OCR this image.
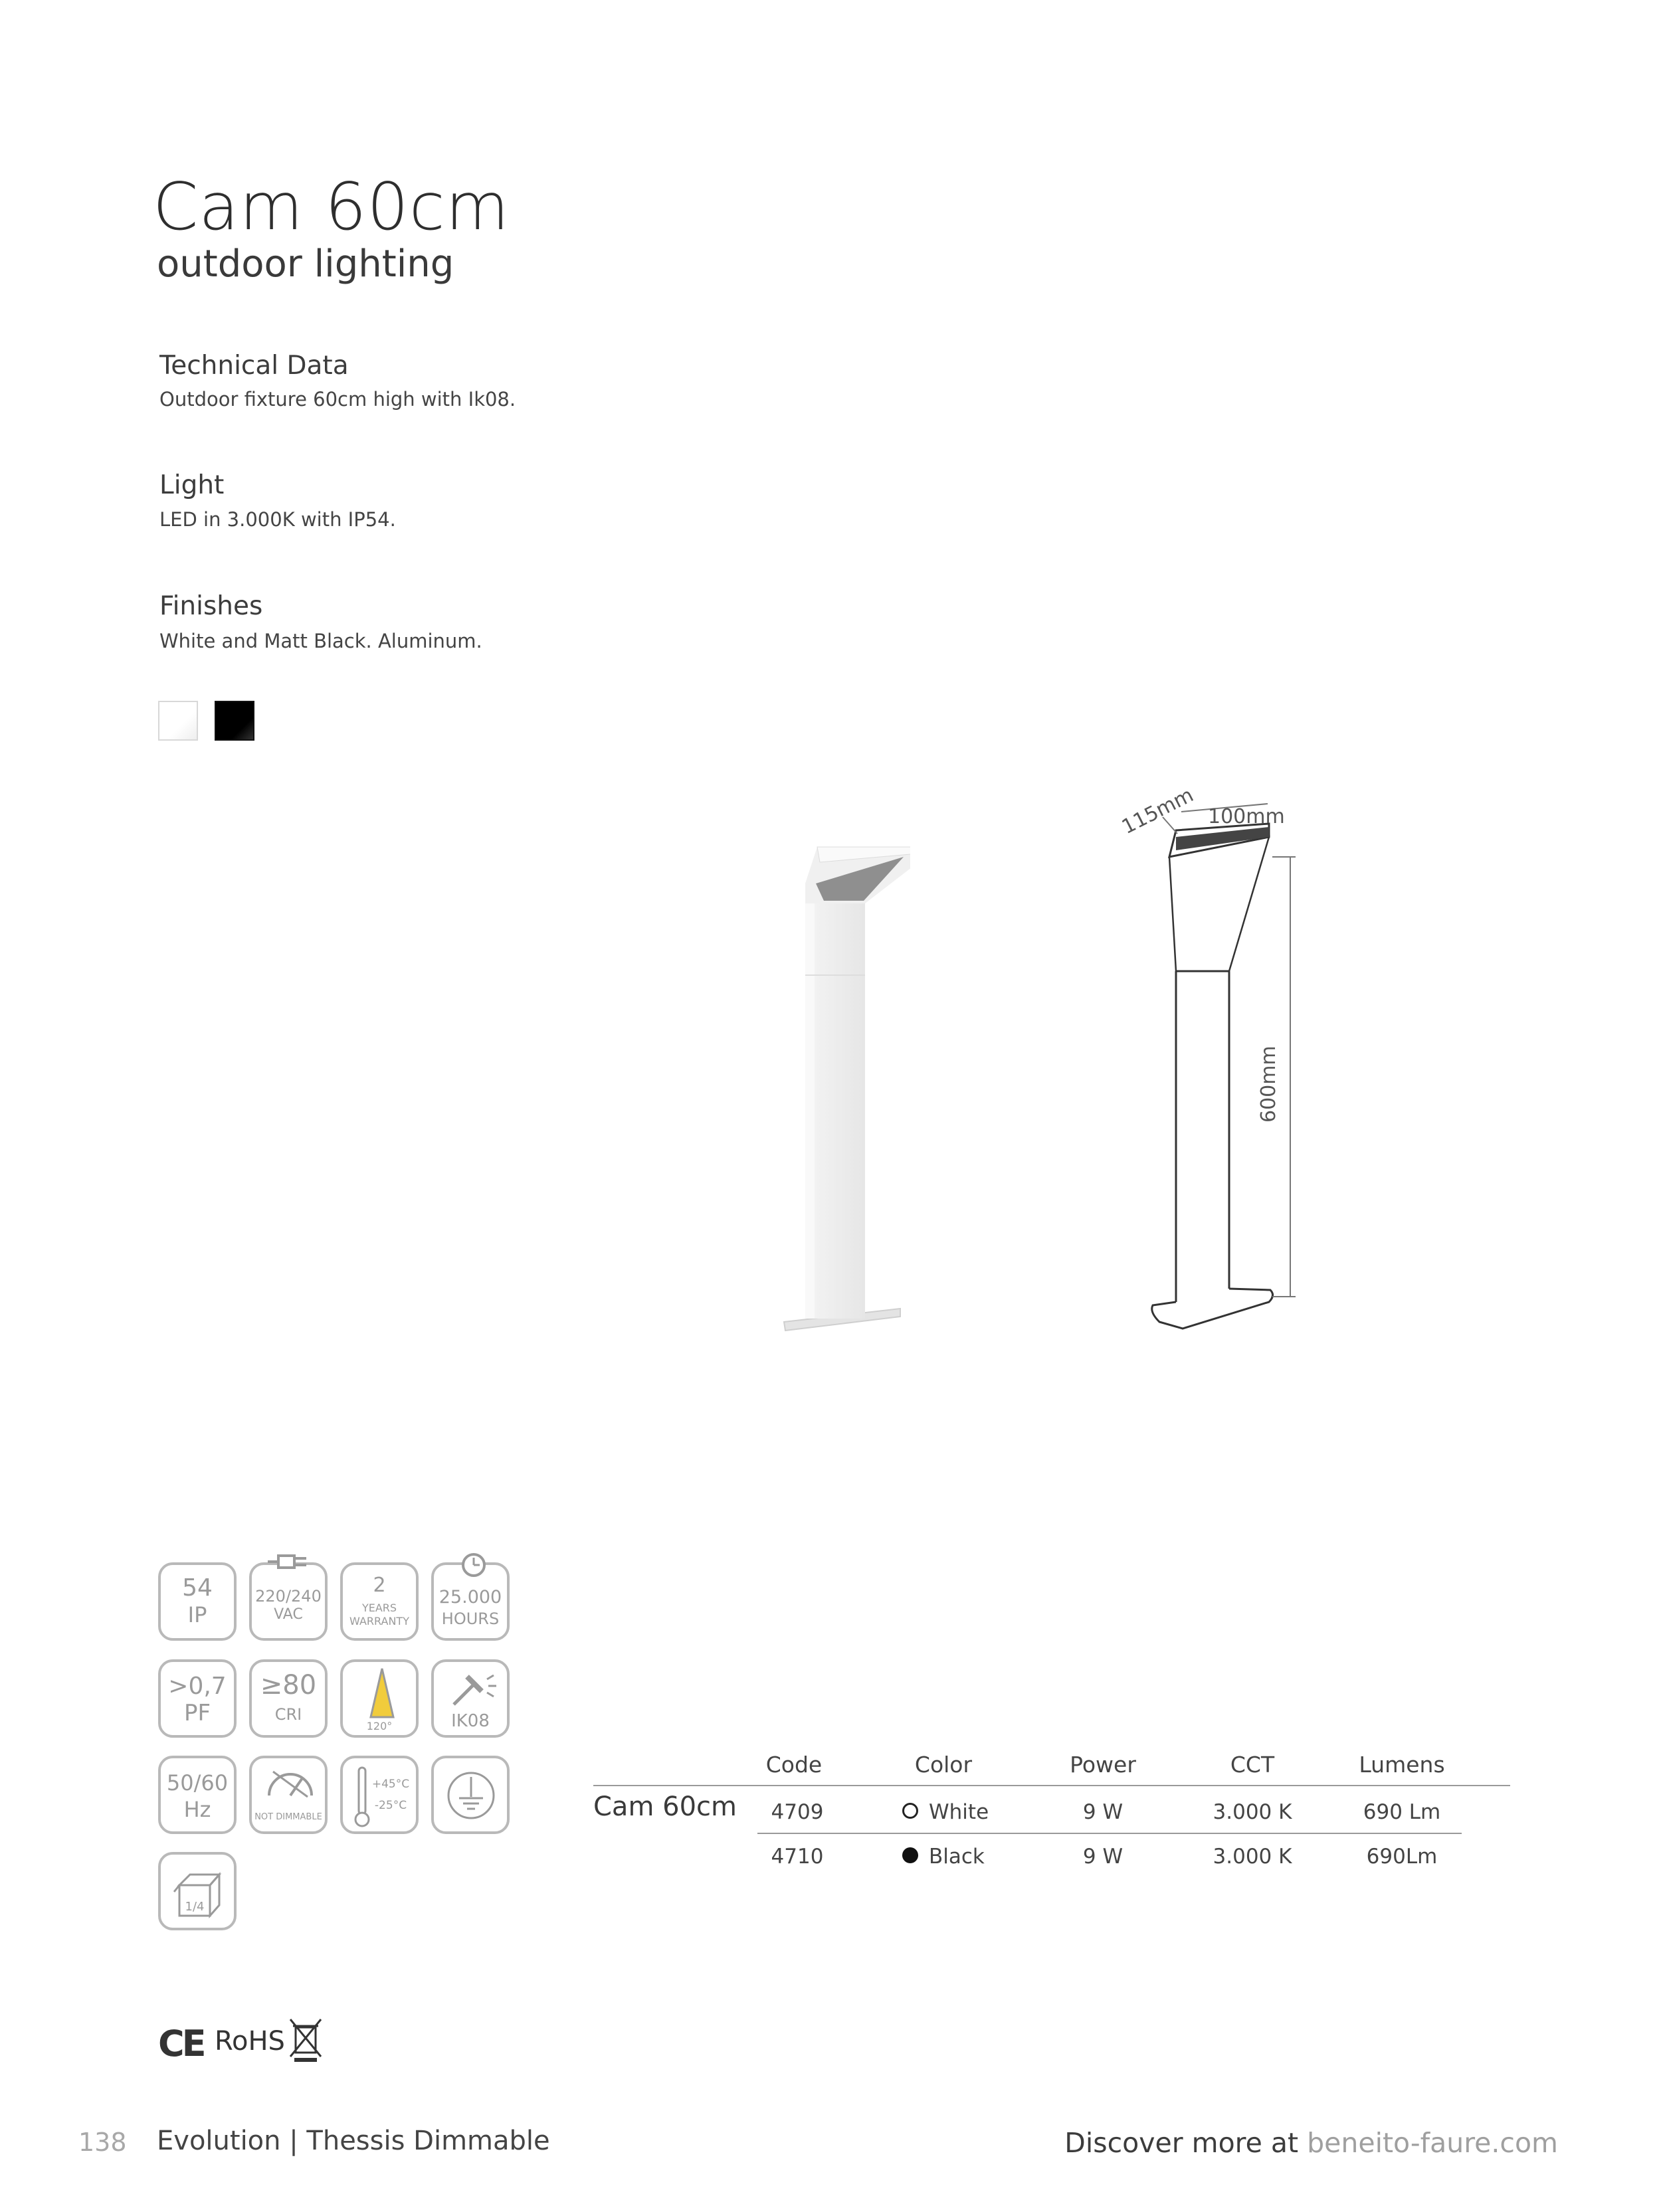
Cam 60cm
outdoor lighting
Technical Data
Outdoor fixture 60cm high with Ik08.
Light
LED in 3.000K with IP54.
Finishes
White and Matt Black. Aluminum.
115mm 100mm
600mm
54
IP
220/240
VAC
2
YEARS
WARRANTY
25.000
HOURS
>0,7
PF
≥80
CRI
120°	IK08
50/60
Hz	NOT DIMMABLE
+45°C
-25°C
1/4
CE RoHS
Code	Color	Power	CCT	Lumens
Cam 60cm	4709	White	9 W	3.000 K	690 Lm
4710	Black	9 W	3.000 K	690Lm
138 Evolution | Thessis Dimmable	Discover more at beneito-faure.com
